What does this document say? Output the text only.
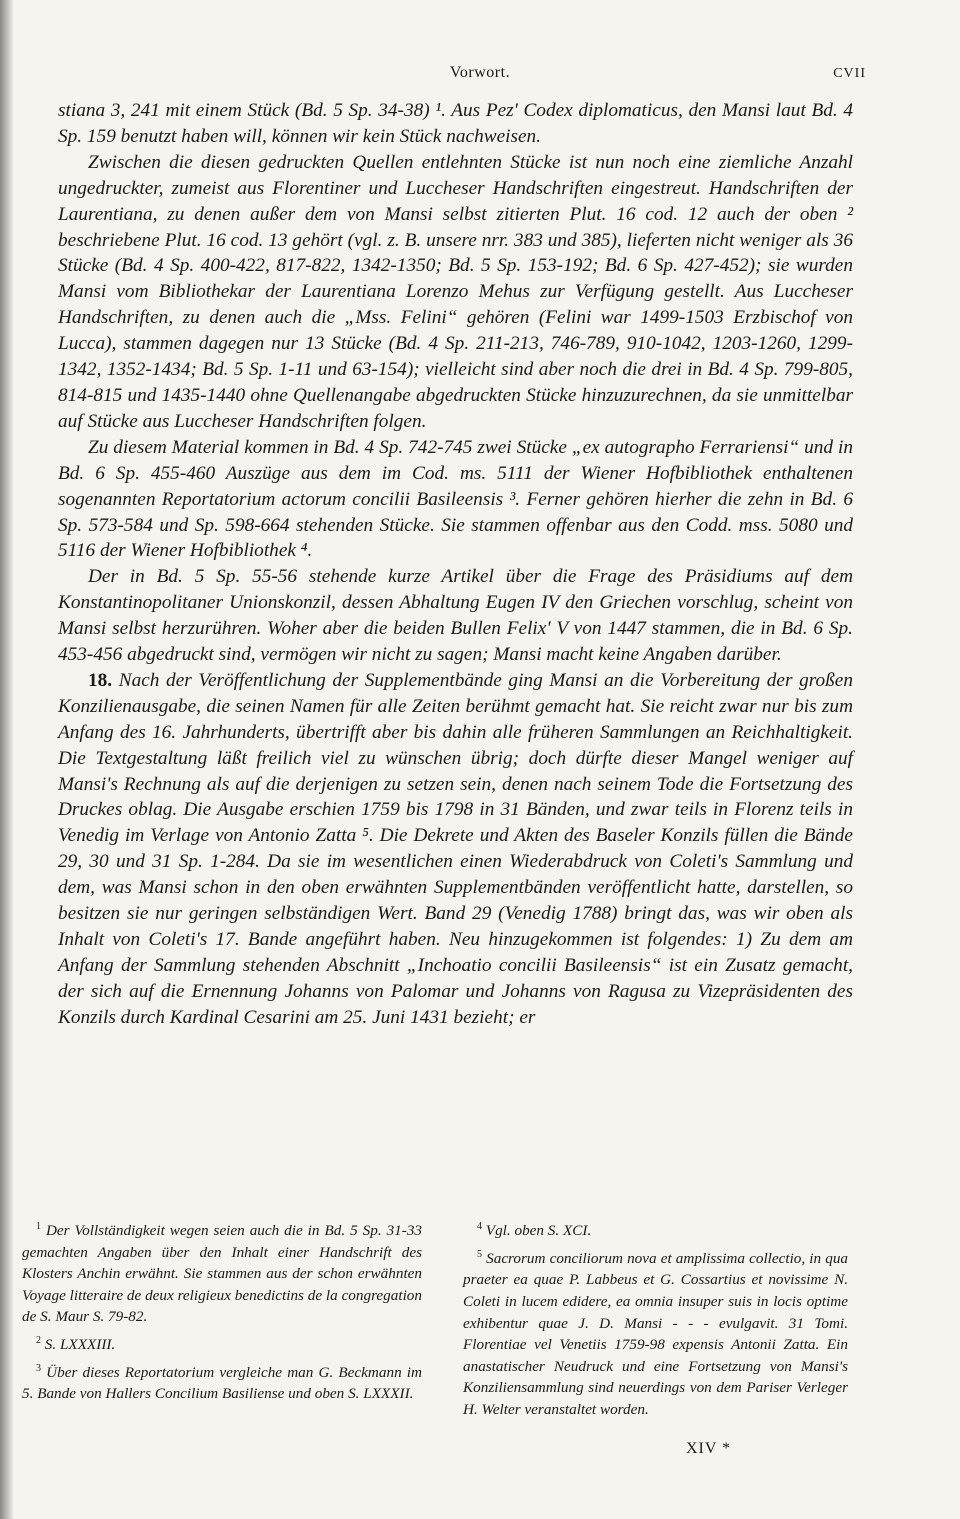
Vorwort.	CVII

stiana 3, 241 mit einem Stück (Bd. 5 Sp. 34-38) ¹. Aus Pez' Codex diplomaticus, den Mansi laut Bd. 4 Sp. 159 benutzt haben will, können wir kein Stück nachweisen.

Zwischen die diesen gedruckten Quellen entlehnten Stücke ist nun noch eine ziemliche Anzahl ungedruckter, zumeist aus Florentiner und Luccheser Handschriften eingestreut. Handschriften der Laurentiana, zu denen außer dem von Mansi selbst zitierten Plut. 16 cod. 12 auch der oben ² beschriebene Plut. 16 cod. 13 gehört (vgl. z. B. unsere nrr. 383 und 385), lieferten nicht weniger als 36 Stücke (Bd. 4 Sp. 400-422, 817-822, 1342-1350; Bd. 5 Sp. 153-192; Bd. 6 Sp. 427-452); sie wurden Mansi vom Bibliothekar der Laurentiana Lorenzo Mehus zur Verfügung gestellt. Aus Luccheser Handschriften, zu denen auch die „Mss. Felini“ gehören (Felini war 1499-1503 Erzbischof von Lucca), stammen dagegen nur 13 Stücke (Bd. 4 Sp. 211-213, 746-789, 910-1042, 1203-1260, 1299-1342, 1352-1434; Bd. 5 Sp. 1-11 und 63-154); vielleicht sind aber noch die drei in Bd. 4 Sp. 799-805, 814-815 und 1435-1440 ohne Quellenangabe abgedruckten Stücke hinzuzurechnen, da sie unmittelbar auf Stücke aus Luccheser Handschriften folgen.

Zu diesem Material kommen in Bd. 4 Sp. 742-745 zwei Stücke „ex autographo Ferrariensi“ und in Bd. 6 Sp. 455-460 Auszüge aus dem im Cod. ms. 5111 der Wiener Hofbibliothek enthaltenen sogenannten Reportatorium actorum concilii Basileensis ³. Ferner gehören hierher die zehn in Bd. 6 Sp. 573-584 und Sp. 598-664 stehenden Stücke. Sie stammen offenbar aus den Codd. mss. 5080 und 5116 der Wiener Hofbibliothek ⁴.

Der in Bd. 5 Sp. 55-56 stehende kurze Artikel über die Frage des Präsidiums auf dem Konstantinopolitaner Unionskonzil, dessen Abhaltung Eugen IV den Griechen vorschlug, scheint von Mansi selbst herzurühren. Woher aber die beiden Bullen Felix' V von 1447 stammen, die in Bd. 6 Sp. 453-456 abgedruckt sind, vermögen wir nicht zu sagen; Mansi macht keine Angaben darüber.

18. Nach der Veröffentlichung der Supplementbände ging Mansi an die Vorbereitung der großen Konzilienausgabe, die seinen Namen für alle Zeiten berühmt gemacht hat. Sie reicht zwar nur bis zum Anfang des 16. Jahrhunderts, übertrifft aber bis dahin alle früheren Sammlungen an Reichhaltigkeit. Die Textgestaltung läßt freilich viel zu wünschen übrig; doch dürfte dieser Mangel weniger auf Mansi's Rechnung als auf die derjenigen zu setzen sein, denen nach seinem Tode die Fortsetzung des Druckes oblag. Die Ausgabe erschien 1759 bis 1798 in 31 Bänden, und zwar teils in Florenz teils in Venedig im Verlage von Antonio Zatta ⁵. Die Dekrete und Akten des Baseler Konzils füllen die Bände 29, 30 und 31 Sp. 1-284. Da sie im wesentlichen einen Wiederabdruck von Coleti's Sammlung und dem, was Mansi schon in den oben erwähnten Supplementbänden veröffentlicht hatte, darstellen, so besitzen sie nur geringen selbständigen Wert. Band 29 (Venedig 1788) bringt das, was wir oben als Inhalt von Coleti's 17. Bande angeführt haben. Neu hinzugekommen ist folgendes: 1) Zu dem am Anfang der Sammlung stehenden Abschnitt „Inchoatio concilii Basileensis“ ist ein Zusatz gemacht, der sich auf die Ernennung Johanns von Palomar und Johanns von Ragusa zu Vizepräsidenten des Konzils durch Kardinal Cesarini am 25. Juni 1431 bezieht; er

$^1$ Der Vollständigkeit wegen seien auch die in Bd. 5 Sp. 31-33 gemachten Angaben über den Inhalt einer Handschrift des Klosters Anchin erwähnt. Sie stammen aus der schon erwähnten Voyage litteraire de deux religieux benedictins de la congregation de S. Maur S. 79-82.

$^2$ S. LXXXIII.

$^3$ Über dieses Reportatorium vergleiche man G. Beckmann im 5. Bande von Hallers Concilium Basiliense und oben S. LXXXII.

$^4$ Vgl. oben S. XCI.

$^5$ Sacrorum conciliorum nova et amplissima collectio, in qua praeter ea quae P. Labbeus et G. Cossartius et novissime N. Coleti in lucem edidere, ea omnia insuper suis in locis optime exhibentur quae J. D. Mansi - - - evulgavit. 31 Tomi. Florentiae vel Venetiis 1759-98 expensis Antonii Zatta. Ein anastatischer Neudruck und eine Fortsetzung von Mansi's Konziliensammlung sind neuerdings von dem Pariser Verleger H. Welter veranstaltet worden.

XIV *
